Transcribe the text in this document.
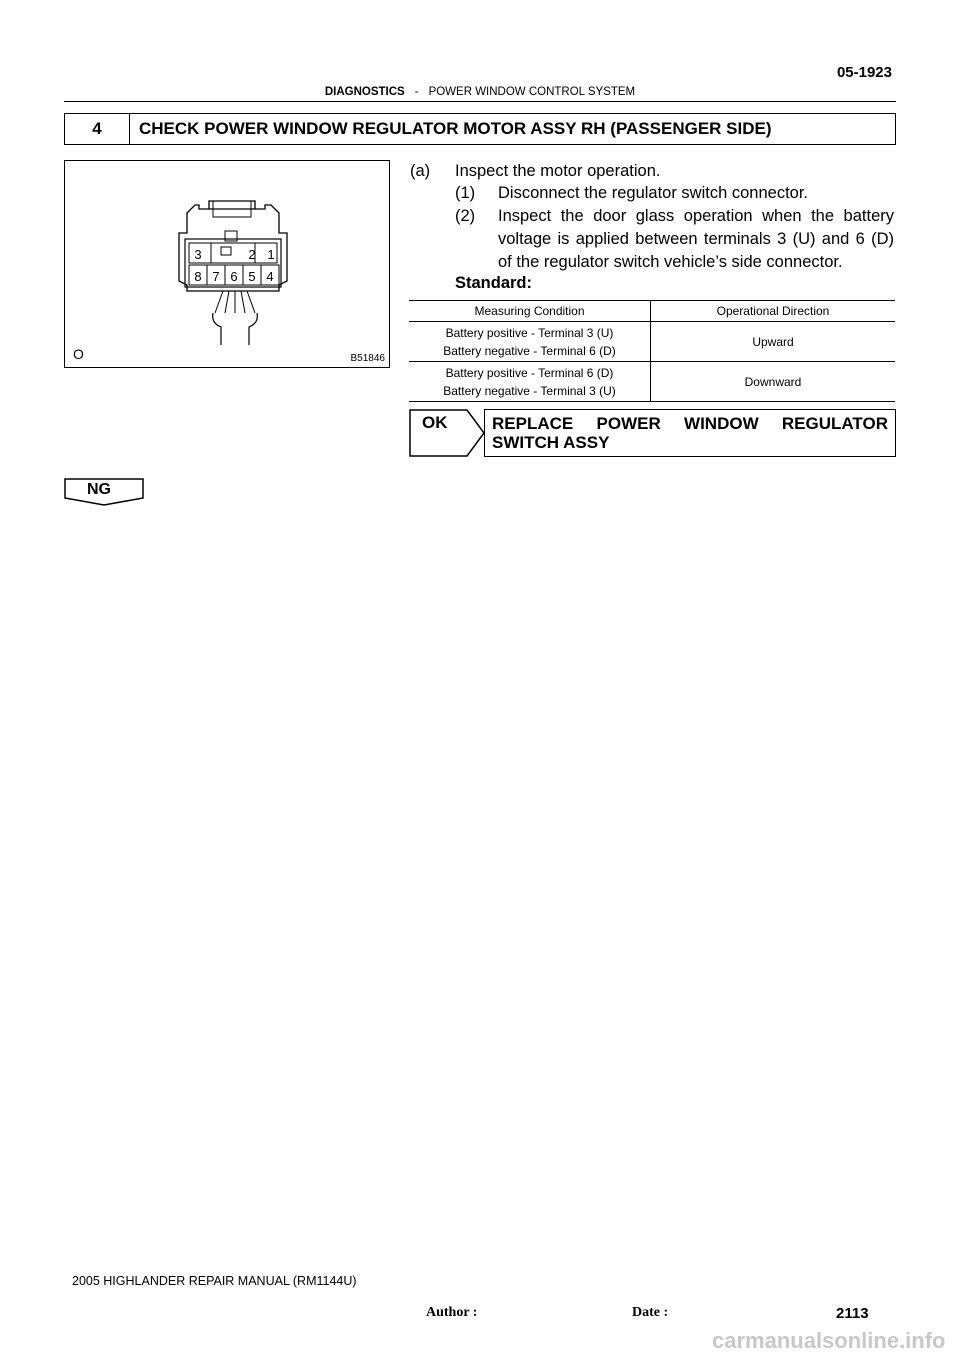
05-1923
DIAGNOSTICS - POWER WINDOW CONTROL SYSTEM
4	CHECK POWER WINDOW REGULATOR MOTOR ASSY RH (PASSENGER SIDE)
3	2 1
8 7 6 5 4
O	B51846
(a) Inspect the motor operation.
(1) Disconnect the regulator switch connector.
(2) Inspect the door glass operation when the battery
voltage is applied between terminals 3 (U) and 6 (D)
of the regulator switch vehicle’s side connector.
Standard:
Measuring Condition	Operational Direction

Battery positive - Terminal 3 (U)
Battery negative - Terminal 6 (D)	Upward

Battery positive - Terminal 6 (D)
Battery negative - Terminal 3 (U)	Downward
OK	REPLACE POWER WINDOW REGULATOR
SWITCH ASSY
NG
2005 HIGHLANDER REPAIR MANUAL (RM1144U)
Author :	Date :	2113
carmanualsonline.info
